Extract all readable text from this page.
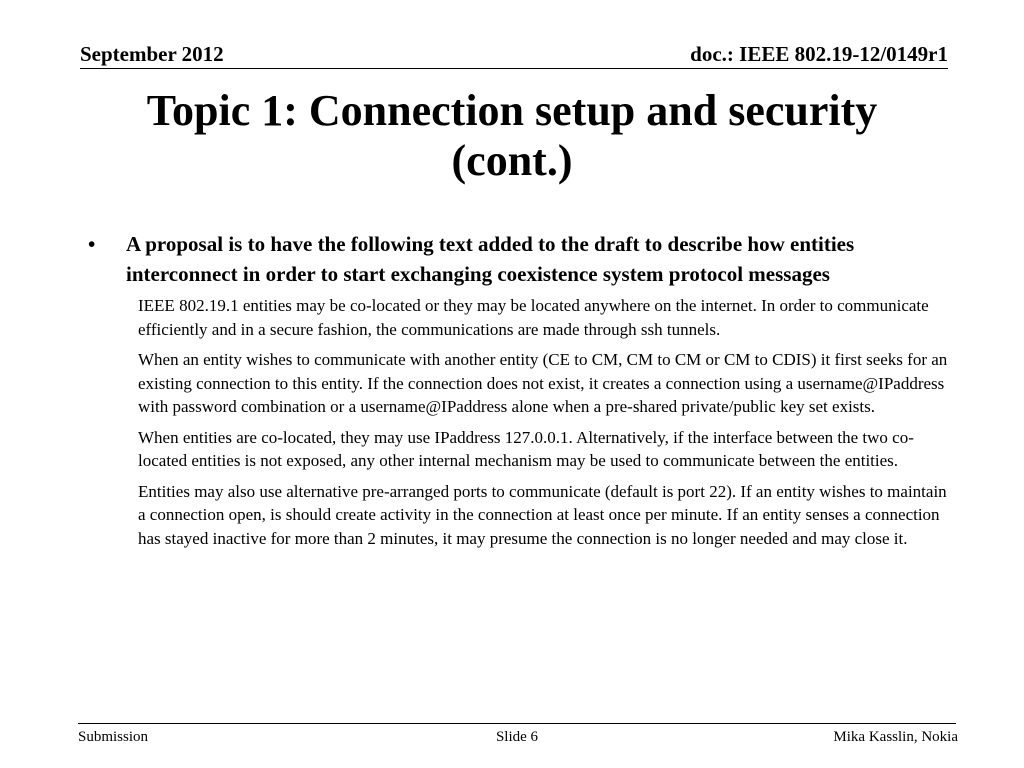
September 2012	doc.: IEEE 802.19-12/0149r1
Topic 1: Connection setup and security
(cont.)
•	A proposal is to have the following text added to the draft to describe how entities interconnect in order to start exchanging coexistence system protocol messages
IEEE 802.19.1 entities may be co-located or they may be located anywhere on the internet. In order to communicate efficiently and in a secure fashion, the communications are made through ssh tunnels.
When an entity wishes to communicate with another entity (CE to CM, CM to CM or CM to CDIS) it first seeks for an existing connection to this entity. If the connection does not exist, it creates a connection using a username@IPaddress with password combination or a username@IPaddress alone when a pre-shared private/public key set exists.
When entities are co-located, they may use IPaddress 127.0.0.1. Alternatively, if the interface between the two co-located entities is not exposed, any other internal mechanism may be used to communicate between the entities.
Entities may also use alternative pre-arranged ports to communicate (default is port 22). If an entity wishes to maintain a connection open, is should create activity in the connection at least once per minute. If an entity senses a connection has stayed inactive for more than 2 minutes, it may presume the connection is no longer needed and may close it.
Submission	Slide 6	Mika Kasslin, Nokia
